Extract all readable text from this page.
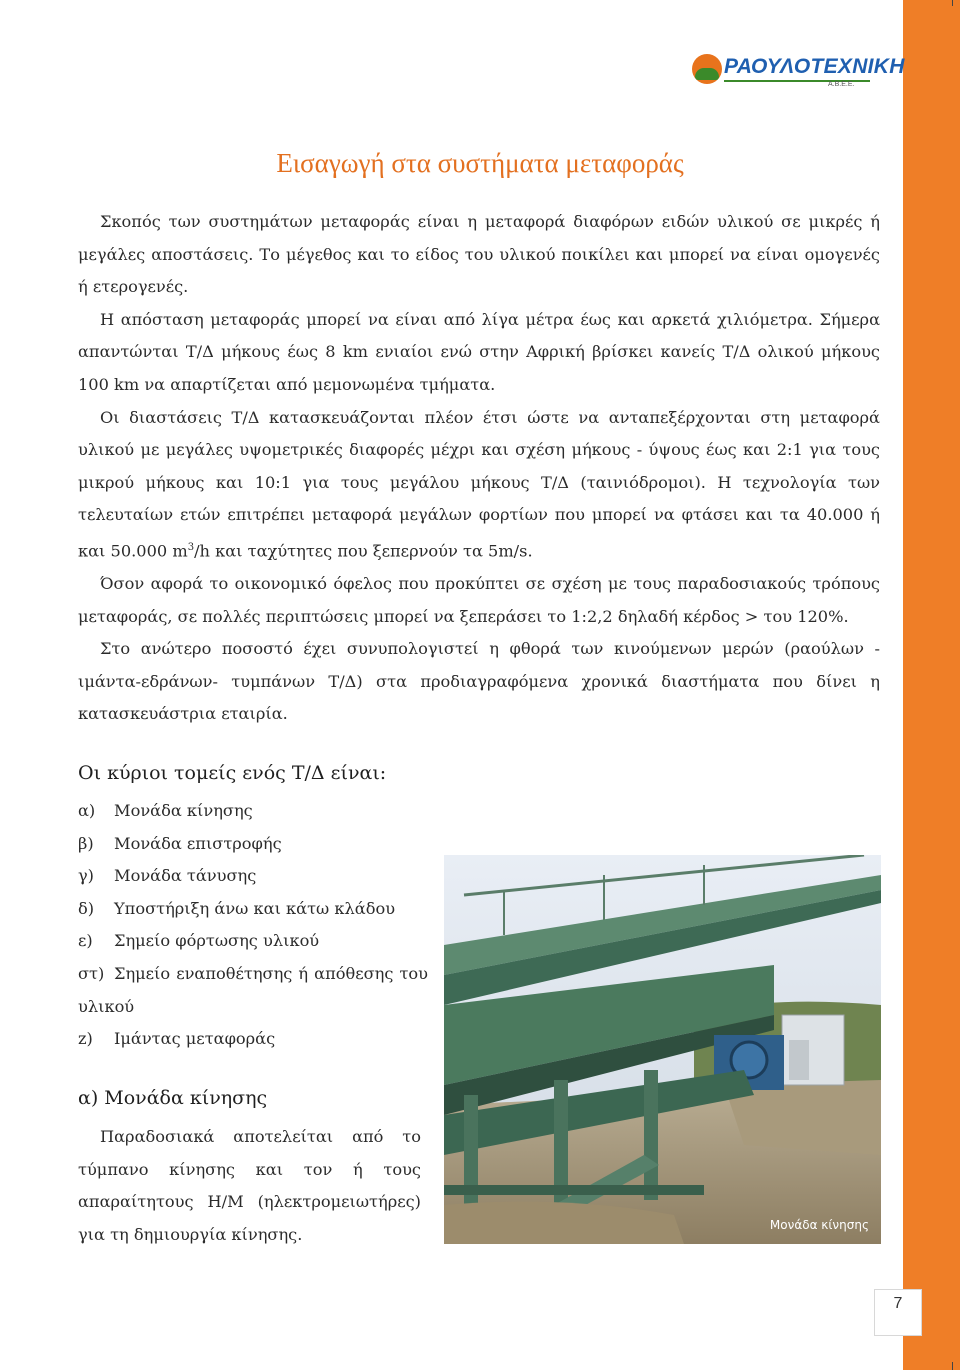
ΡΑΟΥΛΟΤΕΧΝΙΚΗ
Α.Β.Ε.Ε.
Εισαγωγή στα συστήματα μεταφοράς

Σκοπός των συστημάτων μεταφοράς είναι η μεταφορά διαφόρων ειδών υλικού σε μικρές ή μεγάλες αποστάσεις. Το μέγεθος και το είδος του υλικού ποικίλει και μπορεί να είναι ομογενές ή ετερογενές.

Η απόσταση μεταφοράς μπορεί να είναι από λίγα μέτρα έως και αρκετά χιλιόμετρα. Σήμερα απαντώνται Τ/Δ μήκους έως 8 km ενιαίοι ενώ στην Αφρική βρίσκει κανείς Τ/Δ ολικού μήκους 100 km να απαρτίζεται από μεμονωμένα τμήματα.

Οι διαστάσεις Τ/Δ κατασκευάζονται πλέον έτσι ώστε να ανταπεξέρχονται στη μεταφορά υλικού με μεγάλες υψομετρικές διαφορές μέχρι και σχέση μήκους - ύψους έως και 2:1 για τους μικρού μήκους και 10:1 για τους μεγάλου μήκους Τ/Δ (ταινιόδρομοι). Η τεχνολογία των τελευταίων ετών επιτρέπει μεταφορά μεγάλων φορτίων που μπορεί να φτάσει και τα 40.000 ή και 50.000 $m^3/h$ και ταχύτητες που ξεπερνούν τα 5m/s.

Όσον αφορά το οικονομικό όφελος που προκύπτει σε σχέση με τους παραδοσιακούς τρόπους μεταφοράς, σε πολλές περιπτώσεις μπορεί να ξεπεράσει το 1:2,2 δηλαδή κέρδος > του 120%.

Στο ανώτερο ποσοστό έχει συνυπολογιστεί η φθορά των κινούμενων μερών (ραούλων - ιμάντα-εδράνων- τυμπάνων Τ/Δ) στα προδιαγραφόμενα χρονικά διαστήματα που δίνει η κατασκευάστρια εταιρία.

Οι κύριοι τομείς ενός Τ/Δ είναι:
α) Μονάδα κίνησης
β) Μονάδα επιστροφής
γ) Μονάδα τάνυσης
δ) Υποστήριξη άνω και κάτω κλάδου
ε) Σημείο φόρτωσης υλικού
στ) Σημείο εναποθέτησης ή απόθεσης του υλικού
z) Ιμάντας μεταφοράς
α) Μονάδα κίνησης

Παραδοσιακά αποτελείται από το τύμπανο κίνησης και τον ή τους απαραίτητους Η/Μ (ηλεκτρομειωτήρες) για τη δημιουργία κίνησης.	Μονάδα κίνησης
7
